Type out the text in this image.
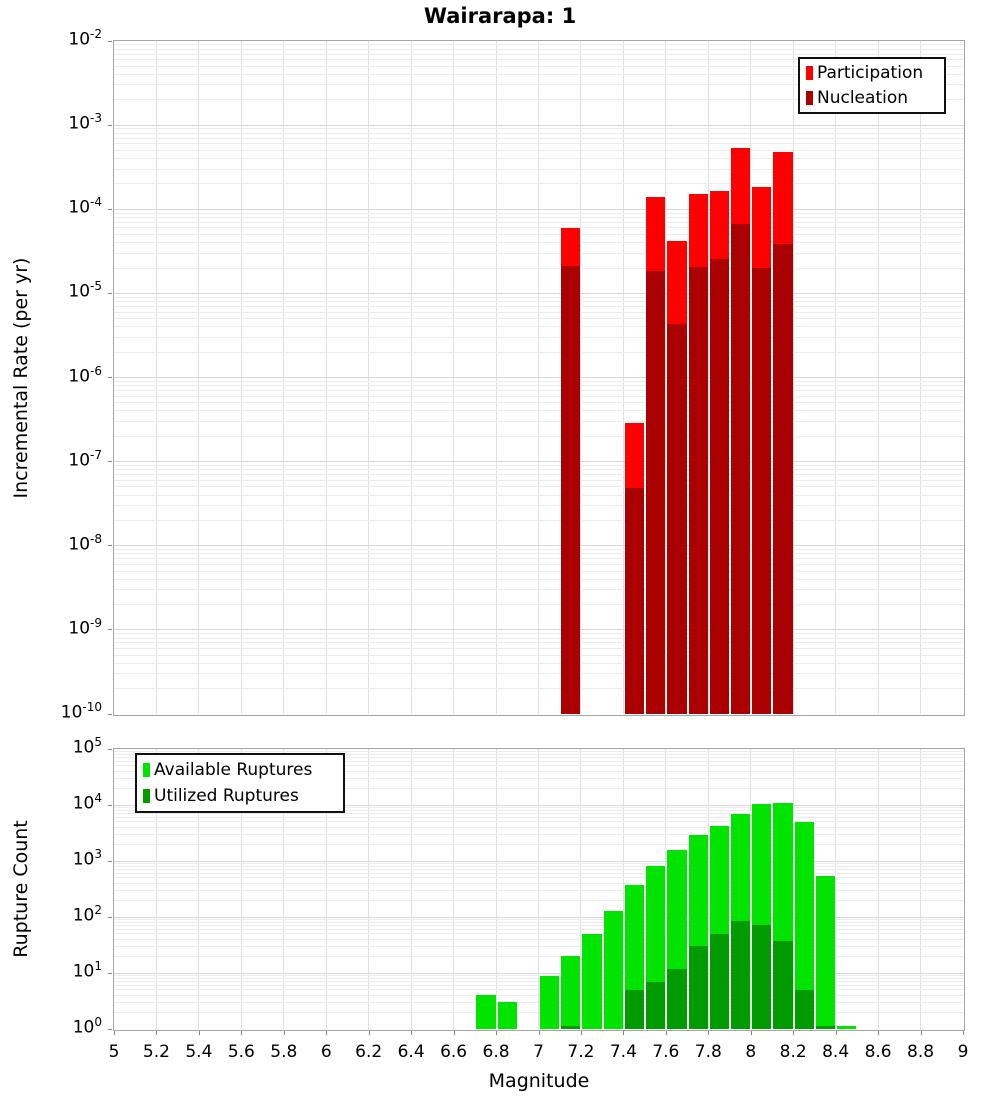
Wairarapa: 1
Incremental Rate (per yr)
Rupture Count
Magnitude
Participation
Nucleation
Available Ruptures
Utilized Ruptures
$10^{-2}$
$10^{-3}$
$10^{-4}$
$10^{-5}$
$10^{-6}$
$10^{-7}$
$10^{-8}$
$10^{-9}$
$10^{-10}$
5	5.2 5.4 5.6 5.8	6	6.2 6.4 6.6 6.8	7	7.2 7.4 7.6 7.8	8	8.2 8.4 8.6 8.8	9
$10^5$
$10^4$
$10^3$
$10^2$
$10^1$
$10^0$
